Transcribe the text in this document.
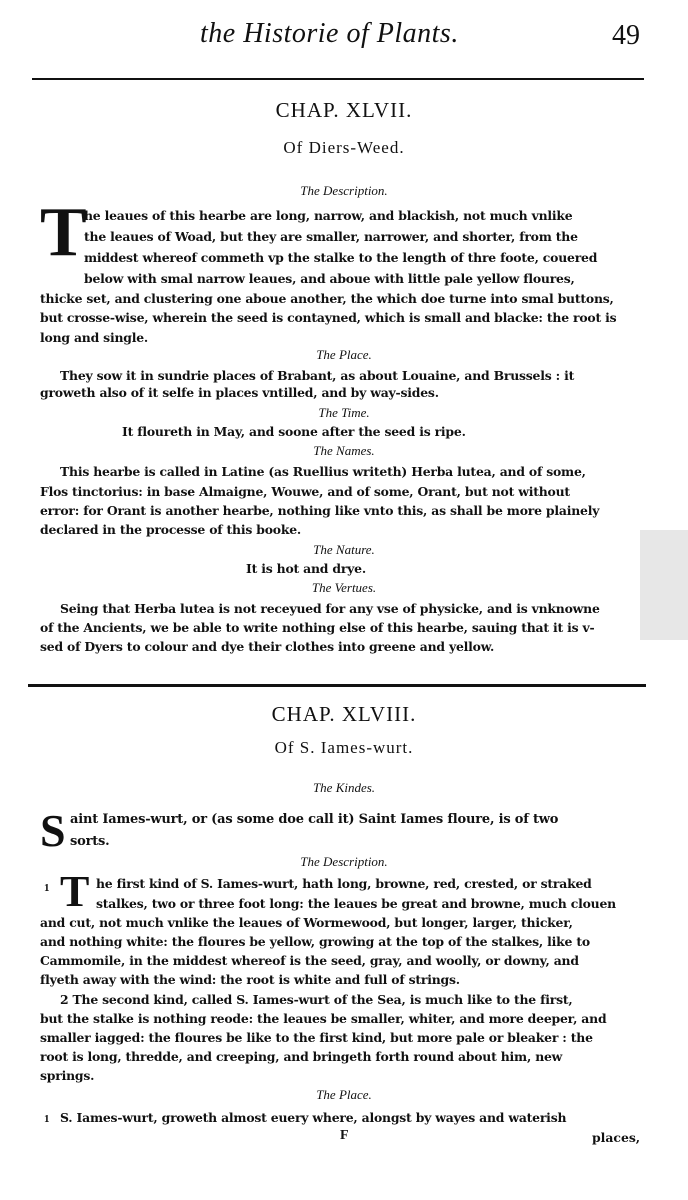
the Historie of Plants.	49
CHAP. XLVII.
Of Diers-Weed.
The Description.
T
he leaues of this hearbe are long, narrow, and blackish, not much vnlike
the leaues of Woad, but they are smaller, narrower, and shorter, from the
middest whereof commeth vp the stalke to the length of thre foote, couered
below with smal narrow leaues, and aboue with little pale yellow floures,
thicke set, and clustering one aboue another, the which doe turne into smal buttons,
but crosse-wise, wherein the seed is contayned, which is small and blacke: the root is
long and single.
The Place.
They sow it in sundrie places of Brabant, as about Louaine, and Brussels : it
groweth also of it selfe in places vntilled, and by way-sides.
The Time.
It floureth in May, and soone after the seed is ripe.
The Names.
This hearbe is called in Latine (as Ruellius writeth) Herba lutea, and of some,
Flos tinctorius: in base Almaigne, Wouwe, and of some, Orant, but not without
error: for Orant is another hearbe, nothing like vnto this, as shall be more plainely
declared in the processe of this booke.
The Nature.
It is hot and drye.
The Vertues.
Seing that Herba lutea is not receyued for any vse of physicke, and is vnknowne
of the Ancients, we be able to write nothing else of this hearbe, sauing that it is v-
sed of Dyers to colour and dye their clothes into greene and yellow.
CHAP. XLVIII.
Of S. Iames-wurt.
The Kindes.
S aint Iames-wurt, or (as some doe call it) Saint Iames floure, is of two
sorts.
The Description.
1 T he first kind of S. Iames-wurt, hath long, browne, red, crested, or straked
stalkes, two or three foot long: the leaues be great and browne, much clouen
and cut, not much vnlike the leaues of Wormewood, but longer, larger, thicker,
and nothing white: the floures be yellow, growing at the top of the stalkes, like to
Cammomile, in the middest whereof is the seed, gray, and woolly, or downy, and
flyeth away with the wind: the root is white and full of strings.
2 The second kind, called S. Iames-wurt of the Sea, is much like to the first,
but the stalke is nothing reode: the leaues be smaller, whiter, and more deeper, and
smaller iagged: the floures be like to the first kind, but more pale or bleaker : the
root is long, thredde, and creeping, and bringeth forth round about him, new
springs.
The Place.
1 S. Iames-wurt, groweth almost euery where, alongst by wayes and waterish
F	places,
